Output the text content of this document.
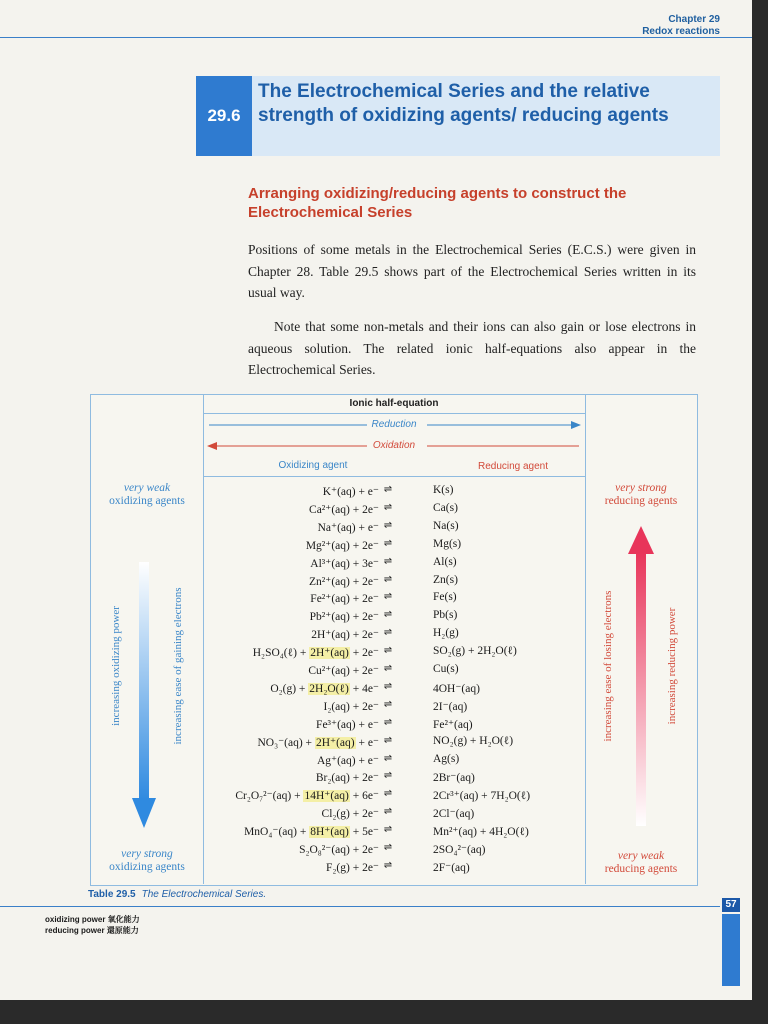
Chapter 29
Redox reactions
29.6
The Electrochemical Series and the relative strength of oxidizing agents/ reducing agents
Arranging oxidizing/reducing agents to construct the Electrochemical Series
Positions of some metals in the Electrochemical Series (E.C.S.) were given in Chapter 28. Table 29.5 shows part of the Electrochemical Series written in its usual way.
Note that some non-metals and their ions can also gain or lose electrons in aqueous solution. The related ionic half-equations also appear in the Electrochemical Series.
Ionic half-equation
Reduction
Oxidation
Oxidizing agent	Reducing agent
very weak
oxidizing agents
very strong
oxidizing agents
increasing oxidizing power	increasing ease of gaining electrons
very strong
reducing agents
very weak
reducing agents
increasing ease of losing electrons	increasing reducing power
K⁺(aq) + e⁻ ⇌	K(s)
Ca²⁺(aq) + 2e⁻ ⇌	Ca(s)
Na⁺(aq) + e⁻ ⇌	Na(s)
Mg²⁺(aq) + 2e⁻ ⇌	Mg(s)
Al³⁺(aq) + 3e⁻ ⇌	Al(s)
Zn²⁺(aq) + 2e⁻ ⇌	Zn(s)
Fe²⁺(aq) + 2e⁻ ⇌	Fe(s)
Pb²⁺(aq) + 2e⁻ ⇌	Pb(s)
2H⁺(aq) + 2e⁻ ⇌	H₂(g)
H₂SO₄(ℓ) + 2H⁺(aq) + 2e⁻ ⇌	SO₂(g) + 2H₂O(ℓ)
Cu²⁺(aq) + 2e⁻ ⇌	Cu(s)
O₂(g) + 2H₂O(ℓ) + 4e⁻ ⇌	4OH⁻(aq)
I₂(aq) + 2e⁻ ⇌	2I⁻(aq)
Fe³⁺(aq) + e⁻ ⇌	Fe²⁺(aq)
NO₃⁻(aq) + 2H⁺(aq) + e⁻ ⇌	NO₂(g) + H₂O(ℓ)
Ag⁺(aq) + e⁻ ⇌	Ag(s)
Br₂(aq) + 2e⁻ ⇌	2Br⁻(aq)
Cr₂O₇²⁻(aq) + 14H⁺(aq) + 6e⁻ ⇌	2Cr³⁺(aq) + 7H₂O(ℓ)
Cl₂(g) + 2e⁻ ⇌	2Cl⁻(aq)
MnO₄⁻(aq) + 8H⁺(aq) + 5e⁻ ⇌	Mn²⁺(aq) + 4H₂O(ℓ)
S₂O₈²⁻(aq) + 2e⁻ ⇌	2SO₄²⁻(aq)
F₂(g) + 2e⁻ ⇌	2F⁻(aq)
Table 29.5 The Electrochemical Series.
57
oxidizing power 氧化能力
reducing power 還原能力
